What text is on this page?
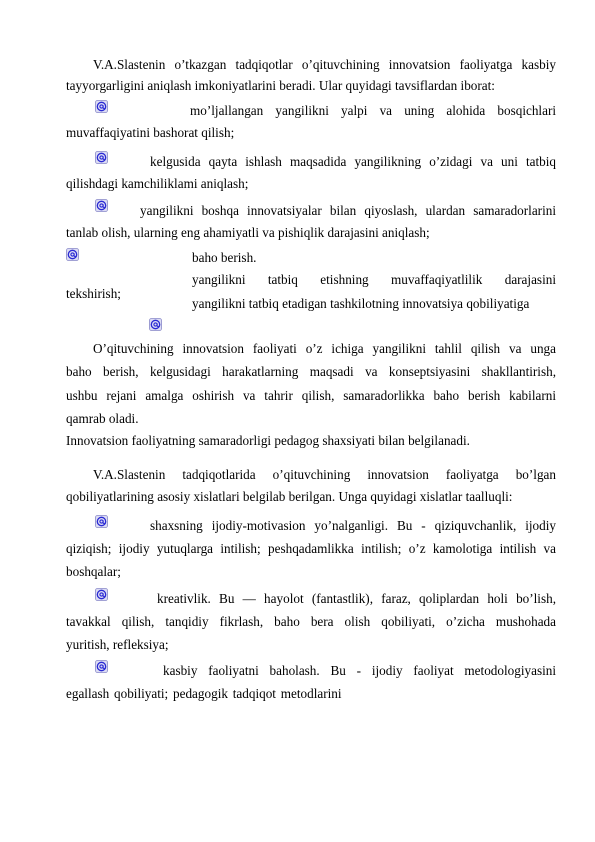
V.A.Slastenin o’tkazgan tadqiqotlar o’qituvchining innovatsion faoliyatga kasbiy
tayyorgarligini aniqlash imkoniyatlarini beradi. Ular quyidagi tavsiflardan iborat:
mo’ljallangan yangilikni yalpi va uning alohida bosqichlari
muvaffaqiyatini bashorat qilish;
kelgusida qayta ishlash maqsadida yangilikning o’zidagi va uni tatbiq
qilishdagi kamchiliklami aniqlash;
yangilikni boshqa innovatsiyalar bilan qiyoslash, ulardan samaradorlarini
tanlab olish, ularning eng ahamiyatli va pishiqlik darajasini aniqlash;
baho berish.
yangilikni tatbiq etishning muvaffaqiyatlilik darajasini
tekshirish;
yangilikni tatbiq etadigan tashkilotning innovatsiya qobiliyatiga
O’qituvchining innovatsion faoliyati o’z ichiga yangilikni tahlil qilish va unga
baho berish, kelgusidagi harakatlarning maqsadi va konseptsiyasini shakllantirish,
ushbu rejani amalga oshirish va tahrir qilish, samaradorlikka baho berish kabilarni
qamrab oladi.
Innovatsion faoliyatning samaradorligi pedagog shaxsiyati bilan belgilanadi.
V.A.Slastenin tadqiqotlarida o’qituvchining innovatsion faoliyatga bo’lgan
qobiliyatlarining asosiy xislatlari belgilab berilgan. Unga quyidagi xislatlar taalluqli:
shaxsning ijodiy-motivasion yo’nalganligi. Bu - qiziquvchanlik, ijodiy
qiziqish; ijodiy yutuqlarga intilish; peshqadamlikka intilish; o’z kamolotiga intilish va
boshqalar;
kreativlik. Bu — hayolot (fantastlik), faraz, qoliplardan holi bo’lish,
tavakkal qilish, tanqidiy fikrlash, baho bera olish qobiliyati, o’zicha mushohada
yuritish, refleksiya;
kasbiy faoliyatni baholash. Bu - ijodiy faoliyat metodologiyasini
egallash qobiliyati; pedagogik tadqiqot metodlarini
